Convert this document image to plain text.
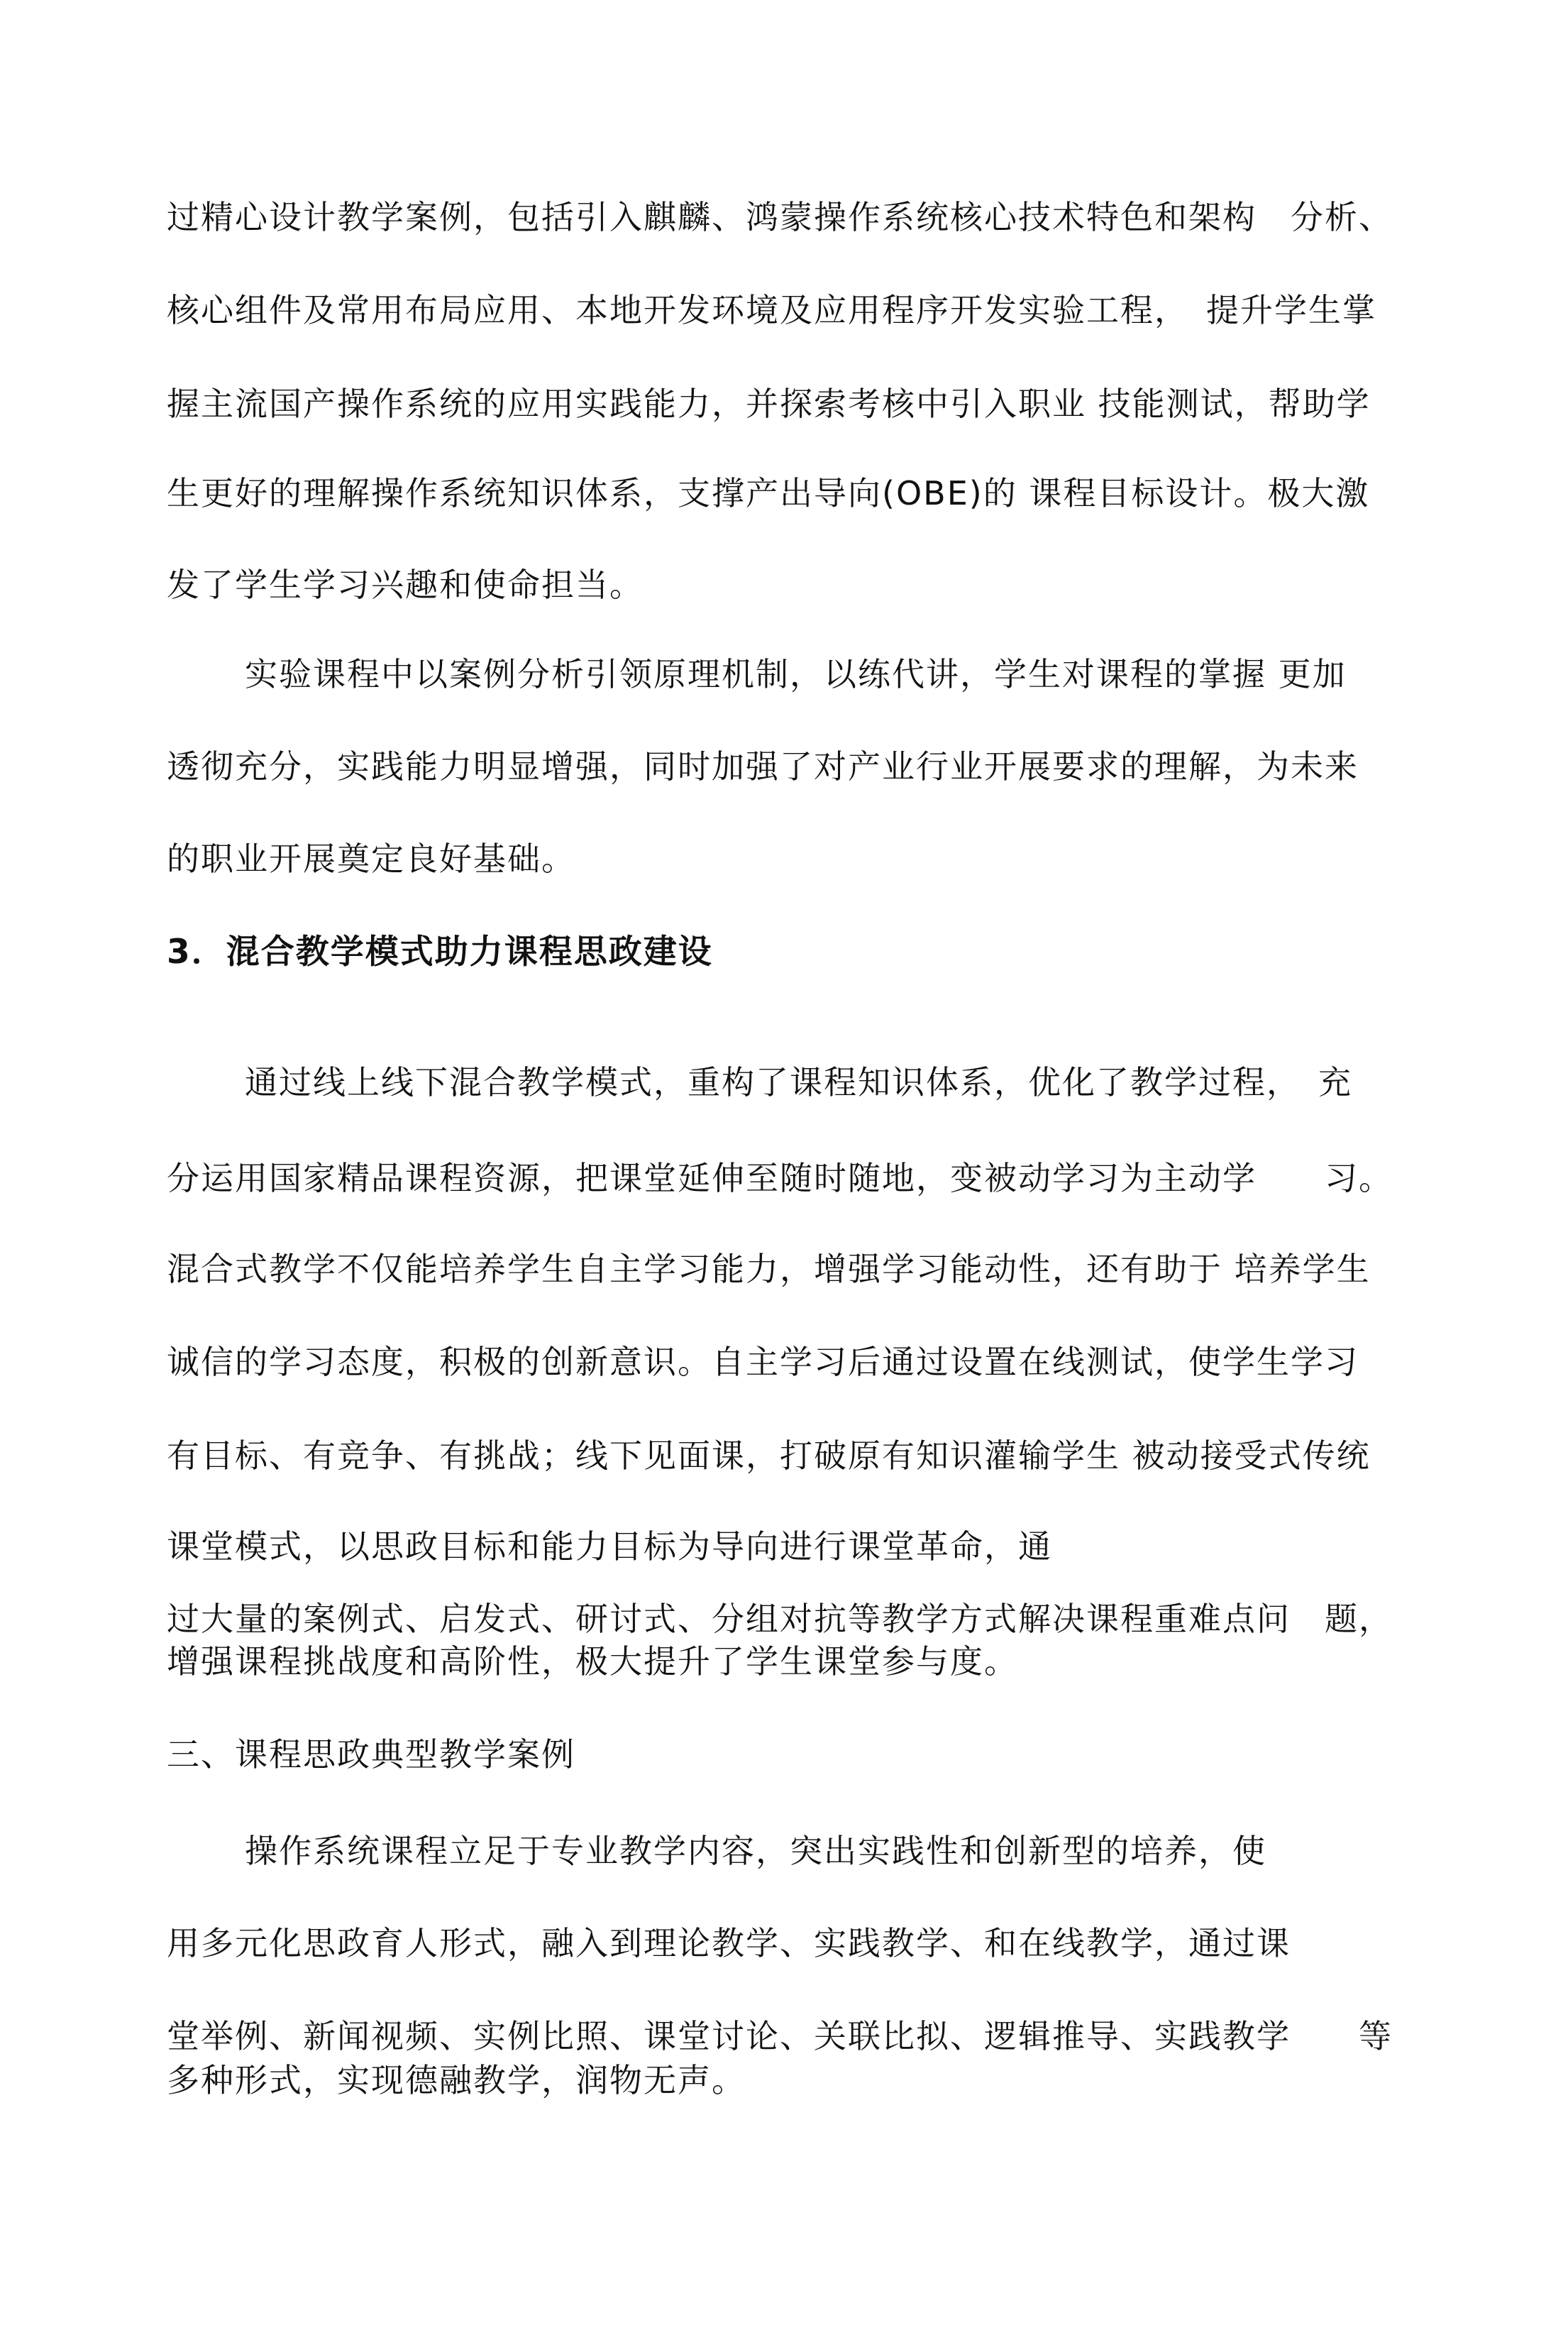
过精心设计教学案例，包括引入麒麟、鸿蒙操作系统核心技术特色和架构　分析、
核心组件及常用布局应用、本地开发环境及应用程序开发实验工程，　提升学生掌
握主流国产操作系统的应用实践能力，并探索考核中引入职业 技能测试，帮助学
生更好的理解操作系统知识体系，支撑产出导向(OBE)的 课程目标设计。极大激
发了学生学习兴趣和使命担当。
实验课程中以案例分析引领原理机制，以练代讲，学生对课程的掌握 更加
透彻充分，实践能力明显增强，同时加强了对产业行业开展要求的理解，为未来
的职业开展奠定良好基础。
3．混合教学模式助力课程思政建设
通过线上线下混合教学模式，重构了课程知识体系，优化了教学过程，　充
分运用国家精品课程资源，把课堂延伸至随时随地，变被动学习为主动学　　习。
混合式教学不仅能培养学生自主学习能力，增强学习能动性，还有助于 培养学生
诚信的学习态度，积极的创新意识。自主学习后通过设置在线测试，使学生学习
有目标、有竞争、有挑战；线下见面课，打破原有知识灌输学生 被动接受式传统
课堂模式，以思政目标和能力目标为导向进行课堂革命，通
过大量的案例式、启发式、研讨式、分组对抗等教学方式解决课程重难点问　题，
增强课程挑战度和高阶性，极大提升了学生课堂参与度。
三、课程思政典型教学案例
操作系统课程立足于专业教学内容，突出实践性和创新型的培养，使
用多元化思政育人形式，融入到理论教学、实践教学、和在线教学，通过课
堂举例、新闻视频、实例比照、课堂讨论、关联比拟、逻辑推导、实践教学　　等
多种形式，实现德融教学，润物无声。
